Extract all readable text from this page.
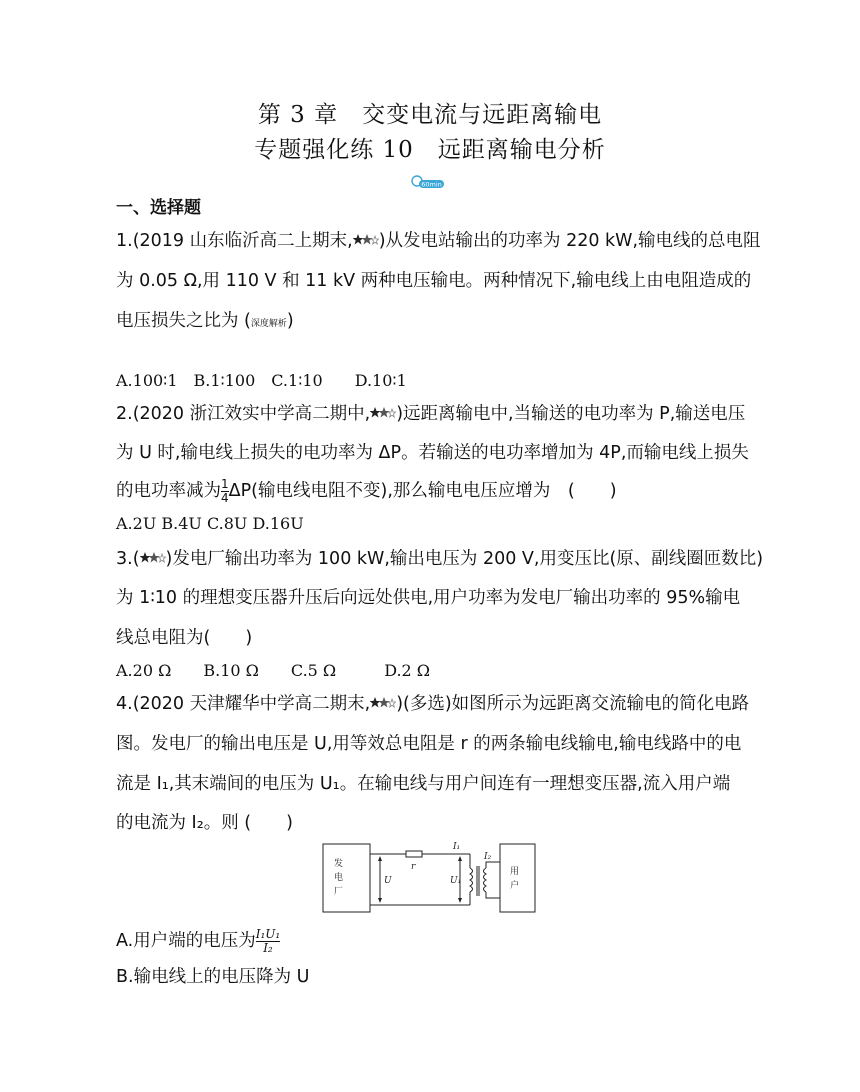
第 3 章　交变电流与远距离输电
专题强化练 10　远距离输电分析
60min
一、选择题
1.(2019 山东临沂高二上期末, )从发电站输出的功率为 220 kW,输电线的总电阻
为 0.05 Ω,用 110 V 和 11 kV 两种电压输电。两种情况下,输电线上由电阻造成的
电压损失之比为 (深度解析)
A.100∶1　B.1∶100　C.1∶10　　D.10∶1
2.(2020 浙江效实中学高二期中, )远距离输电中,当输送的电功率为 P,输送电压
为 U 时,输电线上损失的电功率为 ΔP。若输送的电功率增加为 4P,而输电线上损失
的电功率减为 $\frac{1}{4} \Delta P$(输电线电阻不变),那么输电电压应增为　(　　)
A.2U B.4U C.8U D.16U
3.( )发电厂输出功率为 100 kW,输出电压为 200 V,用变压比(原、副线圈匝数比)
为 1∶10 的理想变压器升压后向远处供电,用户功率为发电厂输出功率的 95%输电
线总电阻为(　　)
A.20 Ω　　B.10 Ω　　C.5 Ω　　　D.2 Ω
4.(2020 天津耀华中学高二期末, )(多选)如图所示为远距离交流输电的简化电路
图。发电厂的输出电压是 U,用等效总电阻是 r 的两条输电线输电,输电线路中的电
流是 I₁,其末端间的电压为 U₁。在输电线与用户间连有一理想变压器,流入用户端
的电流为 I₂。则 (　　)
发
电
厂
用
户
U
r
I₁
U₁
I₂
A.用户端的电压为 $\frac{\text{I₁U₁}}{\text{I₂}}$
B.输电线上的电压降为 U
